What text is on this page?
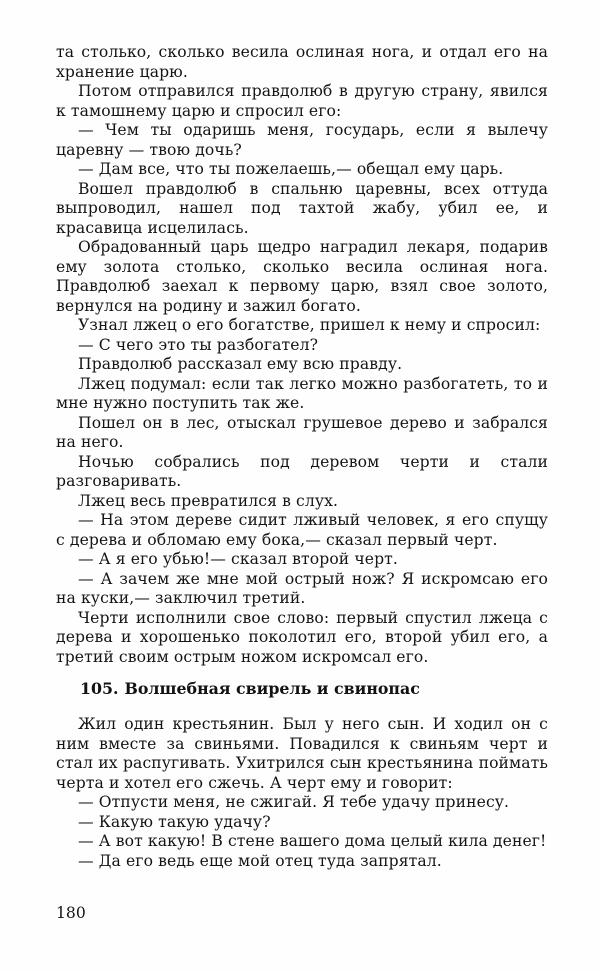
та столько, сколько весила ослиная нога, и отдал его на хранение царю.

Потом отправился правдолюб в другую страну, явился к тамошнему царю и спросил его:

— Чем ты одаришь меня, государь, если я вылечу царевну — твою дочь?

— Дам все, что ты пожелаешь,— обещал ему царь.

Вошел правдолюб в спальню царевны, всех оттуда выпроводил, нашел под тахтой жабу, убил ее, и красавица исцелилась.

Обрадованный царь щедро наградил лекаря, подарив ему золота столько, сколько весила ослиная нога. Правдолюб заехал к первому царю, взял свое золото, вернулся на родину и зажил богато.

Узнал лжец о его богатстве, пришел к нему и спросил:

— С чего это ты разбогател?

Правдолюб рассказал ему всю правду.

Лжец подумал: если так легко можно разбогатеть, то и мне нужно поступить так же.

Пошел он в лес, отыскал грушевое дерево и забрался на него.

Ночью собрались под деревом черти и стали разговаривать.

Лжец весь превратился в слух.

— На этом дереве сидит лживый человек, я его спущу с дерева и обломаю ему бока,— сказал первый черт.

— А я его убью!— сказал второй черт.

— А зачем же мне мой острый нож? Я искромсаю его на куски,— заключил третий.

Черти исполнили свое слово: первый спустил лжеца с дерева и хорошенько поколотил его, второй убил его, а третий своим острым ножом искромсал его.

105. Волшебная свирель и свинопас

Жил один крестьянин. Был у него сын. И ходил он с ним вместе за свиньями. Повадился к свиньям черт и стал их распугивать. Ухитрился сын крестьянина поймать черта и хотел его сжечь. А черт ему и говорит:

— Отпусти меня, не сжигай. Я тебе удачу принесу.

— Какую такую удачу?

— А вот какую! В стене вашего дома целый кила денег!

— Да его ведь еще мой отец туда запрятал.

180
